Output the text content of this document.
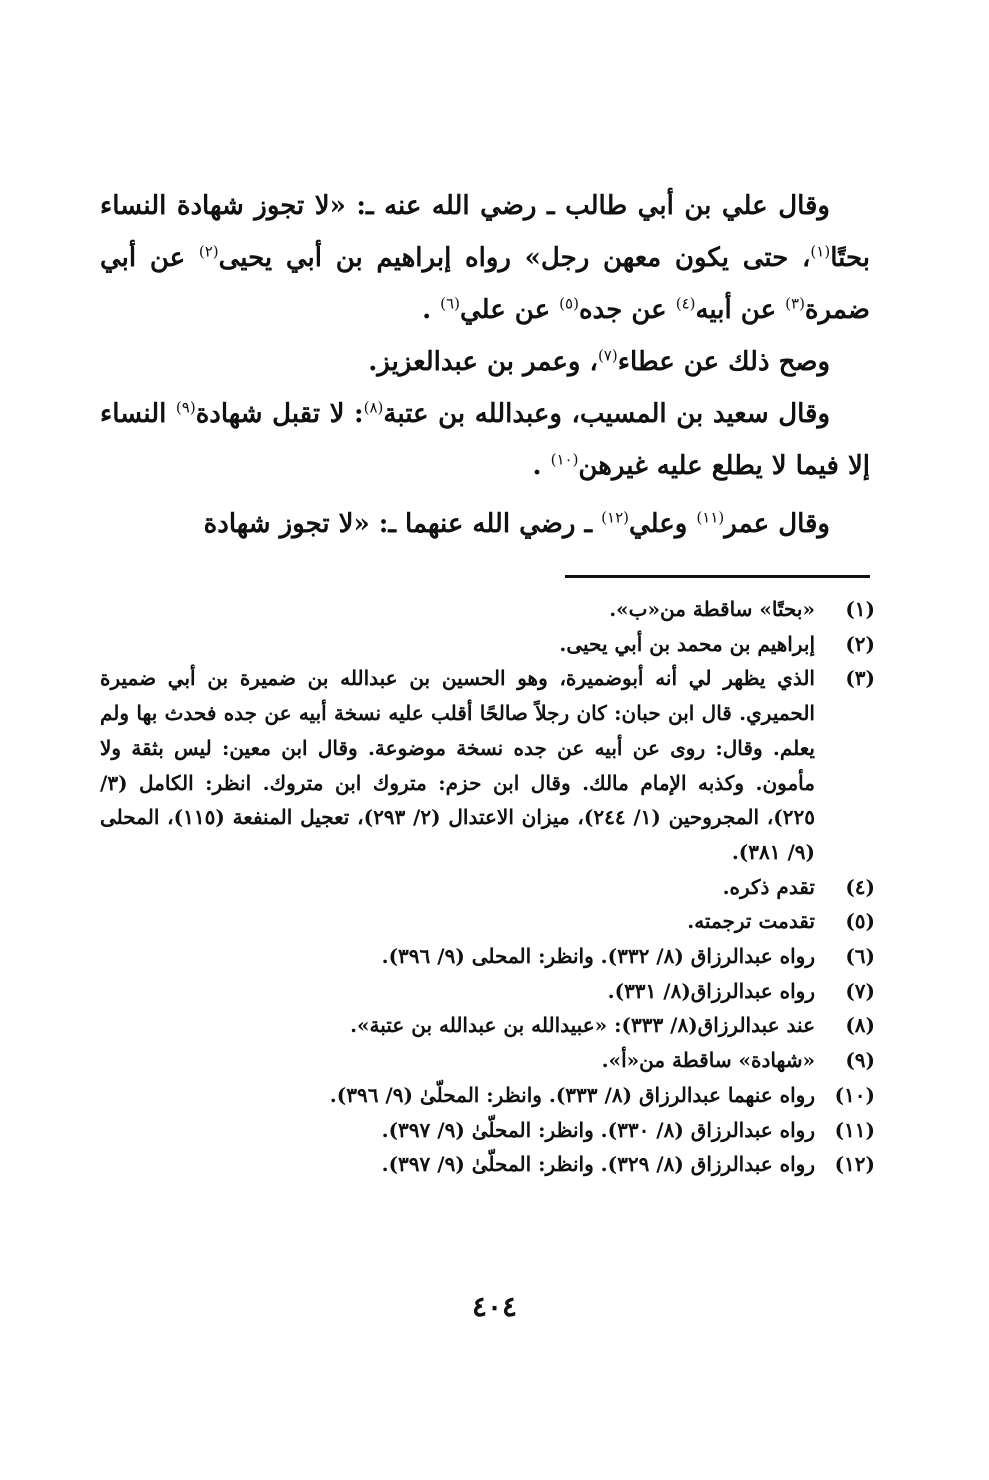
وقال علي بن أبي طالب ـ رضي الله عنه ـ: «لا تجوز شهادة النساء بحتًا$^{(١)}$، حتى يكون معهن رجل» رواه إبراهيم بن أبي يحيى$^{(٢)}$ عن أبي ضمرة$^{(٣)}$ عن أبيه$^{(٤)}$ عن جده$^{(٥)}$ عن علي$^{(٦)}$ .

وصح ذلك عن عطاء$^{(٧)}$، وعمر بن عبدالعزيز.

وقال سعيد بن المسيب، وعبدالله بن عتبة$^{(٨)}$: لا تقبل شهادة$^{(٩)}$ النساء إلا فيما لا يطلع عليه غيرهن$^{(١٠)}$ .

وقال عمر$^{(١١)}$ وعلي$^{(١٢)}$ ـ رضي الله عنهما ـ: «لا تجوز شهادة

(١)
«بحتًا» ساقطة من«ب».
(٢)
إبراهيم بن محمد بن أبي يحيى.
(٣)
الذي يظهر لي أنه أبوضميرة، وهو الحسين بن عبدالله بن ضميرة بن أبي ضميرة الحميري. قال ابن حبان: كان رجلاً صالحًا أقلب عليه نسخة أبيه عن جده فحدث بها ولم يعلم. وقال: روى عن أبيه عن جده نسخة موضوعة. وقال ابن معين: ليس بثقة ولا مأمون. وكذبه الإمام مالك. وقال ابن حزم: متروك ابن متروك. انظر: الكامل (٣/ ٢٢٥)، المجروحين (١/ ٢٤٤)، ميزان الاعتدال (٢/ ٢٩٣)، تعجيل المنفعة (١١٥)، المحلى (٩/ ٣٨١).
(٤)
تقدم ذكره.
(٥)
تقدمت ترجمته.
(٦)
رواه عبدالرزاق (٨/ ٣٣٢). وانظر: المحلى (٩/ ٣٩٦).
(٧)
رواه عبدالرزاق(٨/ ٣٣١).
(٨)
عند عبدالرزاق(٨/ ٣٣٣): «عبيدالله بن عبدالله بن عتبة».
(٩)
«شهادة» ساقطة من«أ».
(١٠)
رواه عنهما عبدالرزاق (٨/ ٣٣٣). وانظر: المحلّىٰ (٩/ ٣٩٦).
(١١)
رواه عبدالرزاق (٨/ ٣٣٠). وانظر: المحلّىٰ (٩/ ٣٩٧).
(١٢)
رواه عبدالرزاق (٨/ ٣٢٩). وانظر: المحلّىٰ (٩/ ٣٩٧).
٤٠٤
